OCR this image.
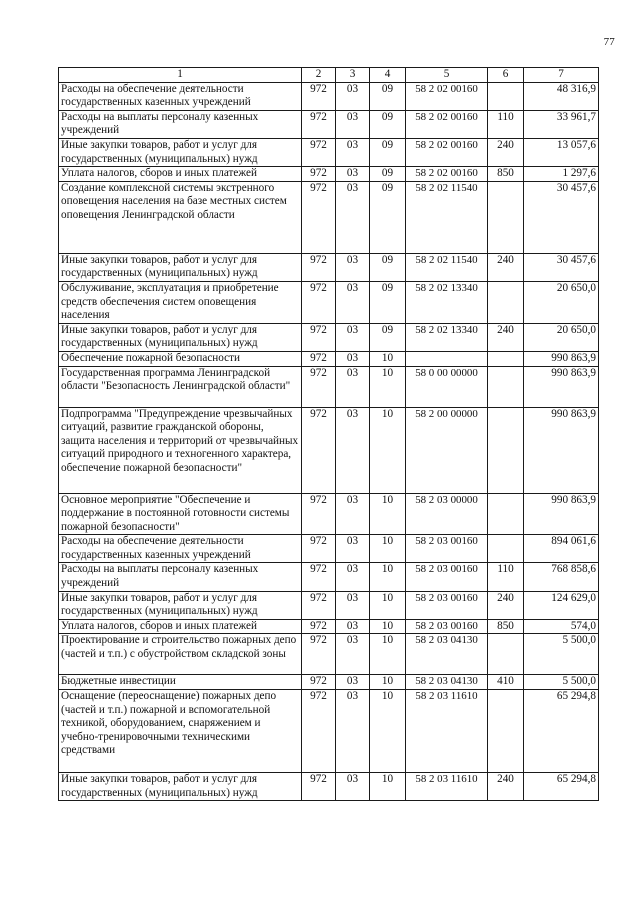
77
1	2	3	4	5	6	7
Расходы на обеспечение деятельности государственных казенных учреждений	972	03	09	58 2 02 00160		48 316,9
Расходы на выплаты персоналу казенных учреждений	972	03	09	58 2 02 00160	110	33 961,7
Иные закупки товаров, работ и услуг для государственных (муниципальных) нужд	972	03	09	58 2 02 00160	240	13 057,6
Уплата налогов, сборов и иных платежей	972	03	09	58 2 02 00160	850	1 297,6
Создание комплексной системы экстренного оповещения населения на базе местных систем оповещения Ленинградской области	972	03	09	58 2 02 11540		30 457,6
Иные закупки товаров, работ и услуг для государственных (муниципальных) нужд	972	03	09	58 2 02 11540	240	30 457,6
Обслуживание, эксплуатация и приобретение средств обеспечения систем оповещения населения	972	03	09	58 2 02 13340		20 650,0
Иные закупки товаров, работ и услуг для государственных (муниципальных) нужд	972	03	09	58 2 02 13340	240	20 650,0
Обеспечение пожарной безопасности	972	03	10			990 863,9
Государственная программа Ленинградской области "Безопасность Ленинградской области"	972	03	10	58 0 00 00000		990 863,9
Подпрограмма "Предупреждение чрезвычайных ситуаций, развитие гражданской обороны, защита населения и территорий от чрезвычайных ситуаций природного и техногенного характера, обеспечение пожарной безопасности"	972	03	10	58 2 00 00000		990 863,9
Основное мероприятие "Обеспечение и поддержание в постоянной готовности системы пожарной безопасности"	972	03	10	58 2 03 00000		990 863,9
Расходы на обеспечение деятельности государственных казенных учреждений	972	03	10	58 2 03 00160		894 061,6
Расходы на выплаты персоналу казенных учреждений	972	03	10	58 2 03 00160	110	768 858,6
Иные закупки товаров, работ и услуг для государственных (муниципальных) нужд	972	03	10	58 2 03 00160	240	124 629,0
Уплата налогов, сборов и иных платежей	972	03	10	58 2 03 00160	850	574,0
Проектирование и строительство пожарных депо (частей и т.п.) с обустройством складской зоны	972	03	10	58 2 03 04130		5 500,0
Бюджетные инвестиции	972	03	10	58 2 03 04130	410	5 500,0
Оснащение (переоснащение) пожарных депо (частей и т.п.) пожарной и вспомогательной техникой, оборудованием, снаряжением и учебно-тренировочными техническими средствами	972	03	10	58 2 03 11610		65 294,8
Иные закупки товаров, работ и услуг для государственных (муниципальных) нужд	972	03	10	58 2 03 11610	240	65 294,8
